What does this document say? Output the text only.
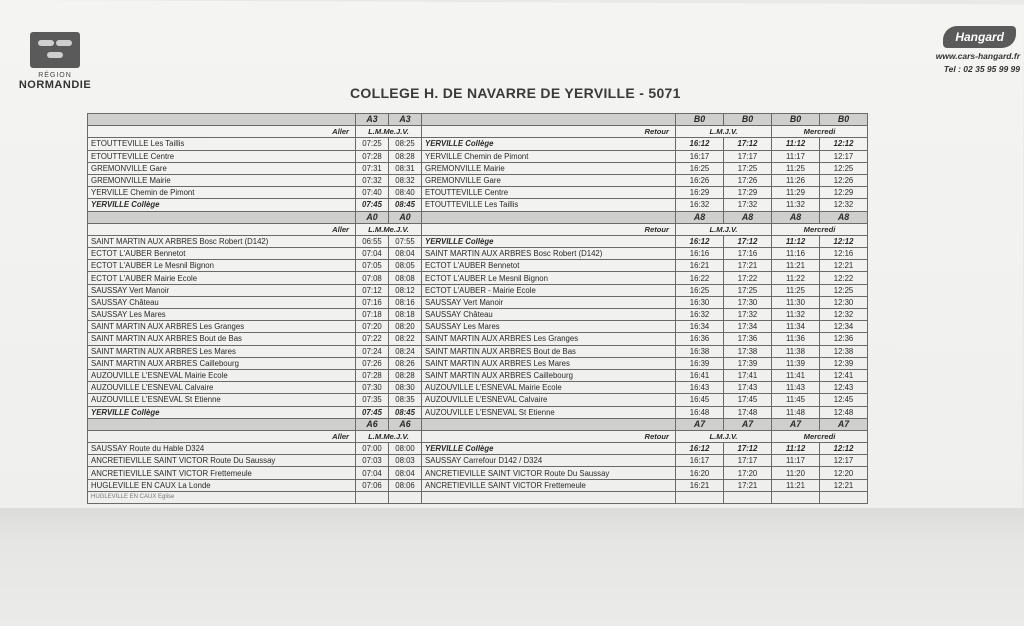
RÉGION
NORMANDIE
Hangard
www.cars-hangard.fr
Tel : 02 35 95 99 99
COLLEGE H. DE NAVARRE DE YERVILLE - 5071
	A3	A3		B0	B0	B0	B0
Aller	L.M.Me.J.V.		Retour	L.M.J.V.		Mercredi	
ETOUTTEVILLE Les Taillis	07:25	08:25	YERVILLE Collège	16:12	17:12	11:12	12:12
ETOUTTEVILLE Centre	07:28	08:28	YERVILLE Chemin de Pimont	16:17	17:17	11:17	12:17
GREMONVILLE Gare	07:31	08:31	GREMONVILLE Mairie	16:25	17:25	11:25	12:25
GREMONVILLE Mairie	07:32	08:32	GREMONVILLE Gare	16:26	17:26	11:26	12:26
YERVILLE Chemin de Pimont	07:40	08:40	ETOUTTEVILLE Centre	16:29	17:29	11:29	12:29
YERVILLE Collège	07:45	08:45	ETOUTTEVILLE Les Taillis	16:32	17:32	11:32	12:32
	A0	A0		A8	A8	A8	A8
Aller	L.M.Me.J.V.		Retour	L.M.J.V.		Mercredi	
SAINT MARTIN AUX ARBRES Bosc Robert (D142)	06:55	07:55	YERVILLE Collège	16:12	17:12	11:12	12:12
ECTOT L'AUBER Bennetot	07:04	08:04	SAINT MARTIN AUX ARBRES Bosc Robert (D142)	16:16	17:16	11:16	12:16
ECTOT L'AUBER Le Mesnil Bignon	07:05	08:05	ECTOT L'AUBER Bennetot	16:21	17:21	11:21	12:21
ECTOT L'AUBER Mairie Ecole	07:08	08:08	ECTOT L'AUBER Le Mesnil Bignon	16:22	17:22	11:22	12:22
SAUSSAY Vert Manoir	07:12	08:12	ECTOT L'AUBER - Mairie Ecole	16:25	17:25	11:25	12:25
SAUSSAY Château	07:16	08:16	SAUSSAY Vert Manoir	16:30	17:30	11:30	12:30
SAUSSAY Les Mares	07:18	08:18	SAUSSAY Château	16:32	17:32	11:32	12:32
SAINT MARTIN AUX ARBRES Les Granges	07:20	08:20	SAUSSAY Les Mares	16:34	17:34	11:34	12:34
SAINT MARTIN AUX ARBRES Bout de Bas	07:22	08:22	SAINT MARTIN AUX ARBRES Les Granges	16:36	17:36	11:36	12:36
SAINT MARTIN AUX ARBRES Les Mares	07:24	08:24	SAINT MARTIN AUX ARBRES Bout de Bas	16:38	17:38	11:38	12:38
SAINT MARTIN AUX ARBRES Caillebourg	07:26	08:26	SAINT MARTIN AUX ARBRES Les Mares	16:39	17:39	11:39	12:39
AUZOUVILLE L'ESNEVAL Mairie Ecole	07:28	08:28	SAINT MARTIN AUX ARBRES Caillebourg	16:41	17:41	11:41	12:41
AUZOUVILLE L'ESNEVAL Calvaire	07:30	08:30	AUZOUVILLE L'ESNEVAL Mairie Ecole	16:43	17:43	11:43	12:43
AUZOUVILLE L'ESNEVAL St Etienne	07:35	08:35	AUZOUVILLE L'ESNEVAL Calvaire	16:45	17:45	11:45	12:45
YERVILLE Collège	07:45	08:45	AUZOUVILLE L'ESNEVAL St Etienne	16:48	17:48	11:48	12:48
	A6	A6		A7	A7	A7	A7
Aller	L.M.Me.J.V.		Retour	L.M.J.V.		Mercredi	
SAUSSAY Route du Hable D324	07:00	08:00	YERVILLE Collège	16:12	17:12	11:12	12:12
ANCRETIEVILLE SAINT VICTOR Route Du Saussay	07:03	08:03	SAUSSAY Carrefour D142 / D324	16:17	17:17	11:17	12:17
ANCRETIEVILLE SAINT VICTOR Frettemeule	07:04	08:04	ANCRETIEVILLE SAINT VICTOR Route Du Saussay	16:20	17:20	11:20	12:20
HUGLEVILLE EN CAUX La Londe	07:06	08:06	ANCRETIEVILLE SAINT VICTOR Frettemeule	16:21	17:21	11:21	12:21
HUGLEVILLE EN CAUX Eglise							
